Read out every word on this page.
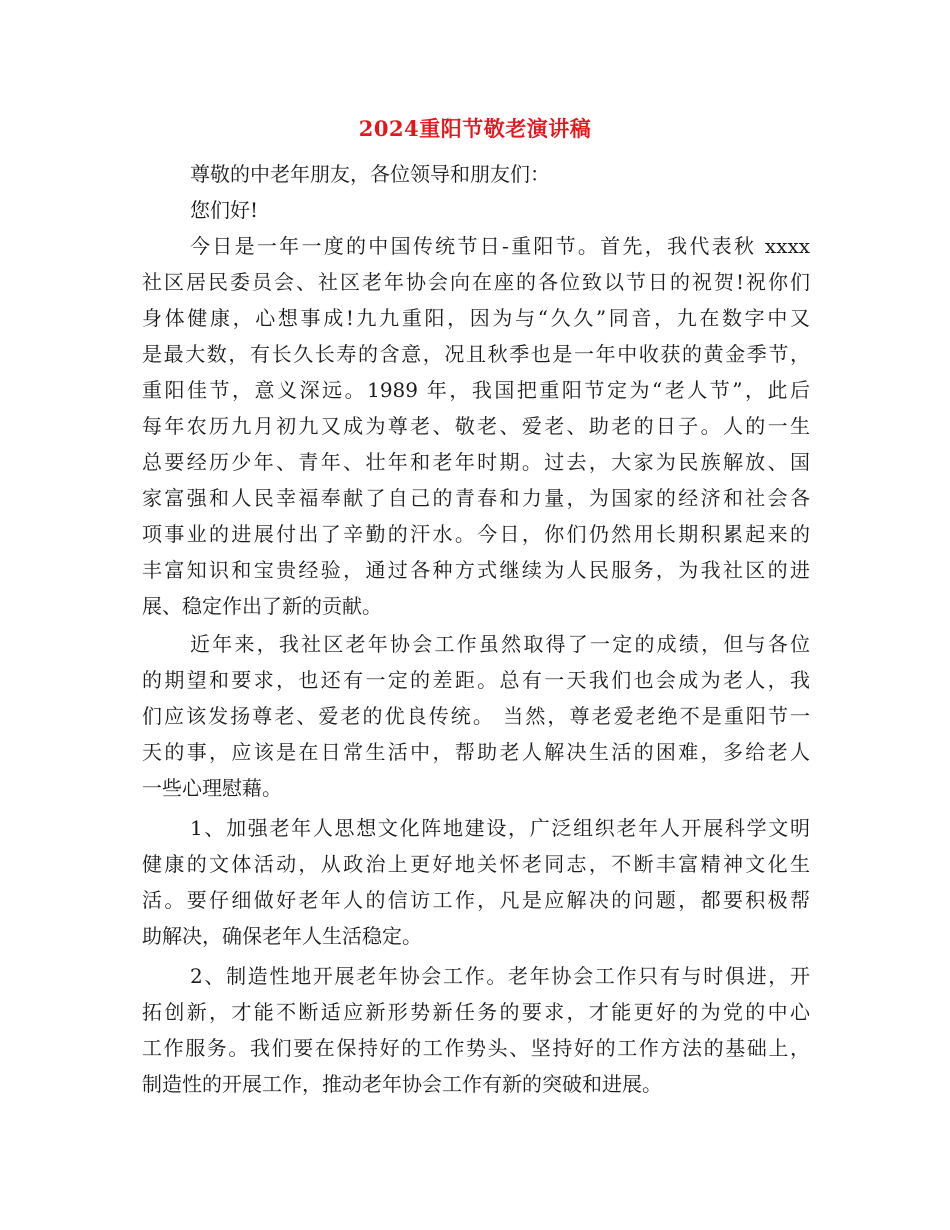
2024重阳节敬老演讲稿
尊敬的中老年朋友，各位领导和朋友们：
您们好!
今日是一年一度的中国传统节日-重阳节。首先，我代表秋 xxxx
社区居民委员会、社区老年协会向在座的各位致以节日的祝贺!祝你们
身体健康，心想事成!九九重阳，因为与“久久”同音，九在数字中又
是最大数，有长久长寿的含意，况且秋季也是一年中收获的黄金季节，
重阳佳节，意义深远。1989 年，我国把重阳节定为“老人节”，此后
每年农历九月初九又成为尊老、敬老、爱老、助老的日子。人的一生
总要经历少年、青年、壮年和老年时期。过去，大家为民族解放、国
家富强和人民幸福奉献了自己的青春和力量，为国家的经济和社会各
项事业的进展付出了辛勤的汗水。今日，你们仍然用长期积累起来的
丰富知识和宝贵经验，通过各种方式继续为人民服务，为我社区的进
展、稳定作出了新的贡献。
近年来，我社区老年协会工作虽然取得了一定的成绩，但与各位
的期望和要求，也还有一定的差距。总有一天我们也会成为老人，我
们应该发扬尊老、爱老的优良传统。 当然，尊老爱老绝不是重阳节一
天的事，应该是在日常生活中，帮助老人解决生活的困难，多给老人
一些心理慰藉。
1、加强老年人思想文化阵地建设，广泛组织老年人开展科学文明
健康的文体活动，从政治上更好地关怀老同志，不断丰富精神文化生
活。要仔细做好老年人的信访工作，凡是应解决的问题，都要积极帮
助解决，确保老年人生活稳定。
2、制造性地开展老年协会工作。老年协会工作只有与时俱进，开
拓创新，才能不断适应新形势新任务的要求，才能更好的为党的中心
工作服务。我们要在保持好的工作势头、坚持好的工作方法的基础上，
制造性的开展工作，推动老年协会工作有新的突破和进展。
